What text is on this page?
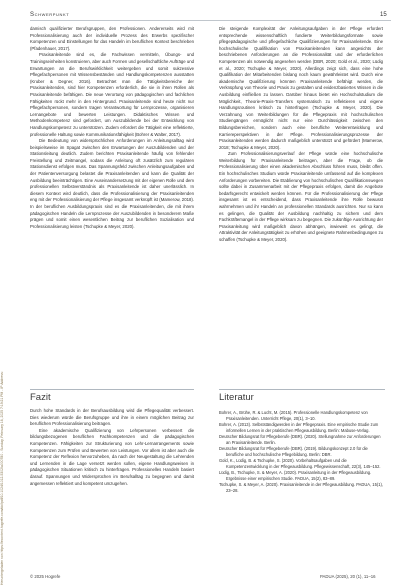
Heruntergeladen von https://econtent.hogrefe.com/doi/pdf/10.1024/1012-5302/a000780 - Sunday, February 16, 2025 7:19:21 PM - IP Address:
Schwerpunkt	15

damisch qualifizierter Berufsgruppen, den Professionen. Andererseits wird mit Professionalisierung auch der individuelle Prozess des Erwerbs spezifischer Kompetenzen und Einstellungen für das Handeln im beruflichen Kontext beschrieben (Pfadenhauer, 2017).

Praxisanleitende sind es, die Fachwissen vermitteln, Übungs- und Trainingseinheiten konstruieren, aber auch Formen und gesellschaftliche Aufträge und Erwartungen an die Berufswirklichkeit weitergeben und somit sukzessive Pflegefachpersonen mit Wissensbeständen und Handlungskompetenzen ausstatten (Kruber & Degner, 2016). Betrachtet man die Tätigkeitsbereiche der Praxisanleitenden, sind hier Kompetenzen erforderlich, die sie in ihren Rollen als Praxisanleitende befähigen. Die neue Verortung von pädagogischen und fachlichen Fähigkeiten rückt mehr in den Hintergrund. Praxisanleitende sind heute nicht nur Pflegefachpersonen, sondern tragen Verantwortung für Lernprozesse, organisieren Lernangebote und bewerten Leistungen. Didaktisches Wissen und Methodenkompetenz sind gefordert, um Auszubildende bei der Entwicklung von Handlungskompetenz zu unterstützen. Zudem erfordert die Tätigkeit eine reflektierte, professionelle Haltung sowie Kommunikationsfähigkeit (Bohrer & Walter, 2017).

Die Bedeutung von widersprüchlichen Anforderungen im Anleitungsalltag wird beispielsweise im Spagat zwischen den Erwartungen der Auszubildenden und der Stationsleitung deutlich. Zudem berichten Praxisanleitende häufig von fehlender Freistellung und Zeitmangel, sodass die Anleitung oft zusätzlich zum regulären Stationsdienst erfolgen muss. Das Spannungsfeld zwischen Anleitungsaufgaben und der Patientenversorgung belastet die Praxisanleitenden und kann die Qualität der Ausbildung beeinträchtigen. Eine Auseinandersetzung mit der eigenen Rolle und dem professionellen Selbstverständnis als Praxisanleitende ist daher unerlässlich. In diesem Kontext wird deutlich, dass die Professionalisierung der Praxisanleitenden eng mit der Professionalisierung der Pflege insgesamt verknüpft ist (Mamerow, 2018). In der beruflichen Ausbildungspraxis sind es die Praxisanleitenden, die mit ihrem pädagogischen Handeln die Lernprozesse der Auszubildenden in besonderem Maße prägen und somit einen wesentlichen Beitrag zur beruflichen Sozialisation und Professionalisierung leisten (Tschupke & Meyer, 2020).

Die steigende Komplexität der Anleitungsaufgaben in der Pflege erfordert entsprechende wissenschaftlich fundierte Weiterbildungsformate sowie pflegepädagogische und pflegefachliche Qualifizierungen für Praxisanleitende. Eine hochschulische Qualifikation von Praxisanleitenden kann angesichts der beschriebenen Anforderungen an die Professionalität und der erforderlichen Kompetenzen als notwendig angesehen werden (DBR, 2020; Gold et al., 2020; Lüdig et al., 2020; Tschupke & Meyer, 2020). Allerdings zeigt sich, dass eine hohe Qualifikation der Mitarbeitenden bislang noch kaum gewährleistet wird. Durch eine akademische Qualifizierung könnten Praxisanleitende befähigt werden, die Verknüpfung von Theorie und Praxis zu gestalten und evidenzbasiertes Wissen in die Ausbildung einfließen zu lassen. Darüber hinaus bietet ein Hochschulstudium die Möglichkeit, Theorie-Praxis-Transfers systematisch zu reflektieren und eigene Handlungsroutinen kritisch zu hinterfragen (Tschupke & Meyer, 2020). Die Verzahnung von Weiterbildungen für die Pflegepraxis mit hochschulischen Studiengängen ermöglicht nicht nur eine Durchlässigkeit zwischen den Bildungsbereichen, sondern auch eine berufliche Weiterentwicklung und Karriereperspektiven in der Pflege. Professionalisierungsprozesse der Praxisanleitenden werden dadurch maßgeblich unterstützt und gefördert (Mamerow, 2018; Tschupke & Meyer, 2020).

Zum Professionalisierungsverlauf der Pflege würde eine hochschulische Weiterbildung für Praxisanleitende beitragen, aber die Frage, ob die Professionalisierung über einen akademischen Abschluss führen muss, bleibt offen. Ein hochschulisches Studium würde Praxisanleitende umfassend auf die komplexen Anforderungen vorbereiten. Die Etablierung von hochschulischen Qualifikationswegen sollte dabei in Zusammenarbeit mit der Pflegepraxis erfolgen, damit die Angebote bedarfsgerecht entwickelt werden können. Für die Professionalisierung der Pflege insgesamt ist es entscheidend, dass Praxisanleitende ihre Rolle bewusst wahrnehmen und ihr Handeln an professionellen Standards ausrichten. Nur so kann es gelingen, die Qualität der Ausbildung nachhaltig zu sichern und dem Fachkräftemangel in der Pflege wirksam zu begegnen. Die zukünftige Ausrichtung der Praxisanleitung wird maßgeblich davon abhängen, inwieweit es gelingt, die Attraktivität der Anleitungstätigkeit zu erhöhen und geeignete Rahmenbedingungen zu schaffen (Tschupke & Meyer, 2020).

Fazit	Literatur

Durch hohe Standards in der Berufsausbildung wird die Pflegequalität verbessert. Dies wiederum würde die Berufsgruppe und ihre in einem möglichen Beitrag zur beruflichen Professionalisierung beitragen.

Eine akademische Qualifizierung von Lehrpersonen verbessert die bildungsbezogenen beruflichen Fachkompetenzen und die pädagogischen Kompetenzen. Fähigkeiten zur Strukturierung von Lehr-Lernarrangements sowie Kompetenzen zum Prüfen und Bewerten von Leistungen. Vor allem ist aber auch die Kompetenz der Reflexion hervorzuheben, da nach der Neugestaltung die Lehrenden und Lernenden in die Lage versetzt werden sollen, eigene Handlungsweisen in pädagogischen Situationen kritisch zu hinterfragen. Professionelles Handeln basiert darauf. Spannungen und Widersprüchen im Berufsalltag zu begegnen und damit angemessen reflektiert und kompetent umzugehen.

Bohrer, A., Brühe, R. & Lucht, M. (2015). Professionelle Handlungskompetenz von Praxisanleitenden. Unterricht Pflege, 20(1), 3–10.

Bohrer, A. (2013). Selbstständigwerden in der Pflegepraxis. Eine empirische Studie zum informellen Lernen in der praktischen Pflegeausbildung. Berlin: Mabuse-Verlag.

Deutscher Bildungsrat für Pflegeberufe (DBR). (2020). Stellungnahme zur Anforderungen an Praxisanleitende. Berlin.

Deutscher Bildungsrat für Pflegeberufe (DBR). (2019). Bildungskonzept 2.0 für die berufliche und hochschulische Pflegebildung. Berlin: DBR.

Gold, K., Lüdig, B. & Tschupke, S. (2020). Vorbehaltsaufgaben und die Kompetenzentwicklung in der Pflegeausbildung. Pflegewissenschaft, 22(3), 145–152.

Lüdig, B., Tschupke, S. & Meyer, A. (2020). Praxisanleitung in der Pflegeausbildung. Ergebnisse einer empirischen Studie. PADUA, 15(2), 83–89.

Tschupke, S. & Meyer, A. (2020). Praxisanleitende in der Pflegeausbildung. PADUA, 15(1), 23–28.

© 2025 Hogrefe	PADUA (2025), 20 (1), 11–16
